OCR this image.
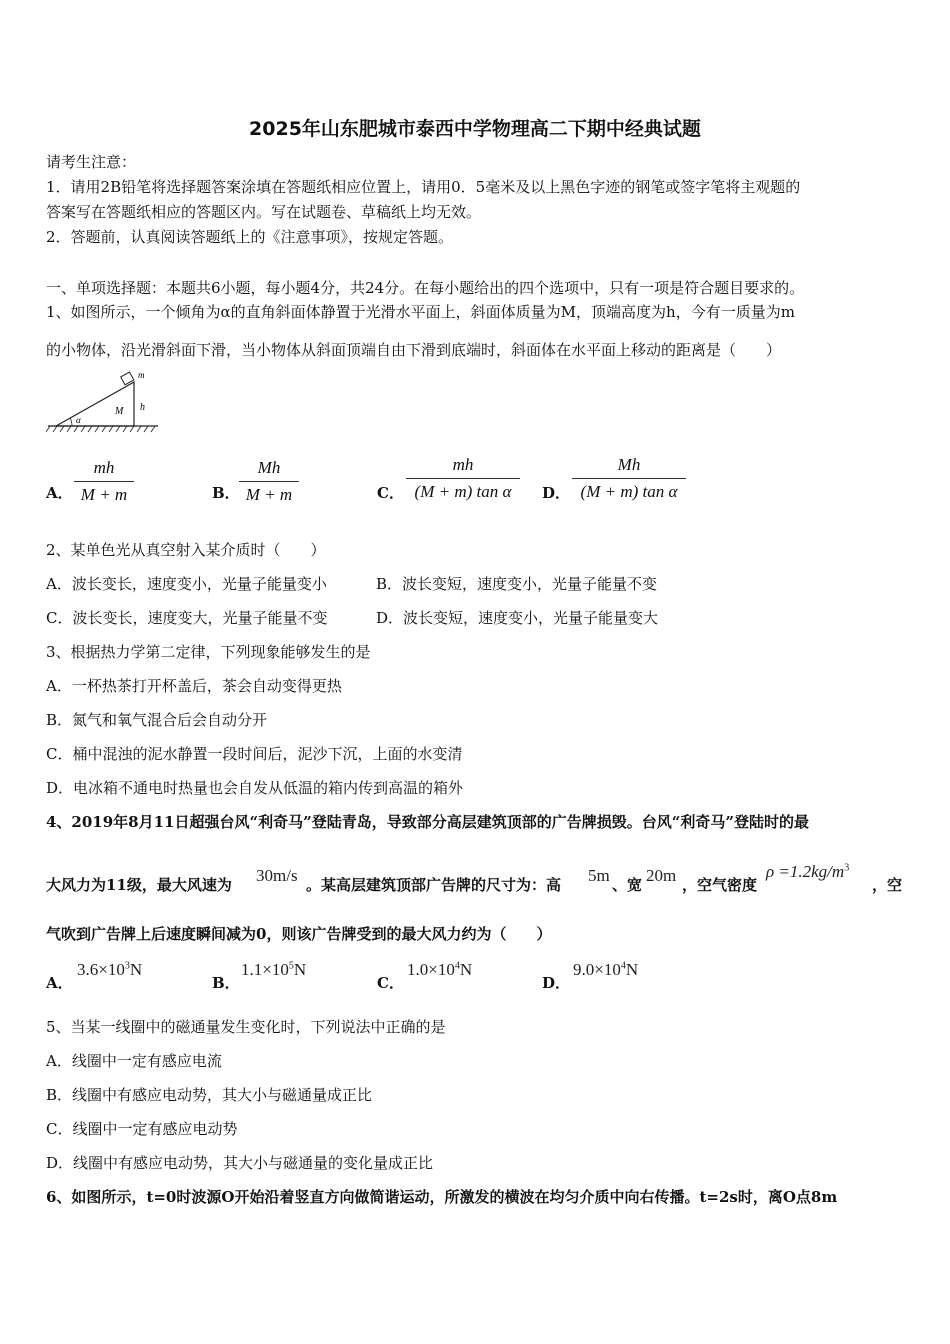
2025年山东肥城市泰西中学物理高二下期中经典试题
请考生注意：
1．请用2B铅笔将选择题答案涂填在答题纸相应位置上，请用0．5毫米及以上黑色字迹的钢笔或签字笔将主观题的
答案写在答题纸相应的答题区内。写在试题卷、草稿纸上均无效。
2．答题前，认真阅读答题纸上的《注意事项》，按规定答题。
一、单项选择题：本题共6小题，每小题4分，共24分。在每小题给出的四个选项中，只有一项是符合题目要求的。
1、如图所示，一个倾角为α的直角斜面体静置于光滑水平面上，斜面体质量为M，顶端高度为h，今有一质量为m
的小物体，沿光滑斜面下滑，当小物体从斜面顶端自由下滑到底端时，斜面体在水平面上移动的距离是（　　）
α
M
m
h
A．
mh
M + m	B．
Mh
M + m	C．
mh
(M + m) tan α	D．
Mh
(M + m) tan α
2、某单色光从真空射入某介质时（　　）
A．波长变长，速度变小，光量子能量变小	B．波长变短，速度变小，光量子能量不变
C．波长变长，速度变大，光量子能量不变	D．波长变短，速度变小，光量子能量变大
3、根据热力学第二定律，下列现象能够发生的是
A．一杯热茶打开杯盖后，茶会自动变得更热
B．氮气和氧气混合后会自动分开
C．桶中混浊的泥水静置一段时间后，泥沙下沉，上面的水变清
D．电冰箱不通电时热量也会自发从低温的箱内传到高温的箱外
4、2019年8月11日超强台风“利奇马”登陆青岛，导致部分高层建筑顶部的广告牌损毁。台风“利奇马”登陆时的最
大风力为11级，最大风速为 30m/s 。某高层建筑顶部广告牌的尺寸为：高 5m 、宽 20m ，空气密度
$\rho =1.2kg/m^3$
，空
气吹到广告牌上后速度瞬间减为0，则该广告牌受到的最大风力约为（　　）
A．
$3.6\times 10^3N$
B．
$1.1\times 10^5N$
C．
$1.0\times 10^4N$
D．
$9.0\times 10^4N$
5、当某一线圈中的磁通量发生变化时，下列说法中正确的是
A．线圈中一定有感应电流
B．线圈中有感应电动势，其大小与磁通量成正比
C．线圈中一定有感应电动势
D．线圈中有感应电动势，其大小与磁通量的变化量成正比
6、如图所示，t=0时波源O开始沿着竖直方向做简谐运动，所激发的横波在均匀介质中向右传播。t=2s时，离O点8m
